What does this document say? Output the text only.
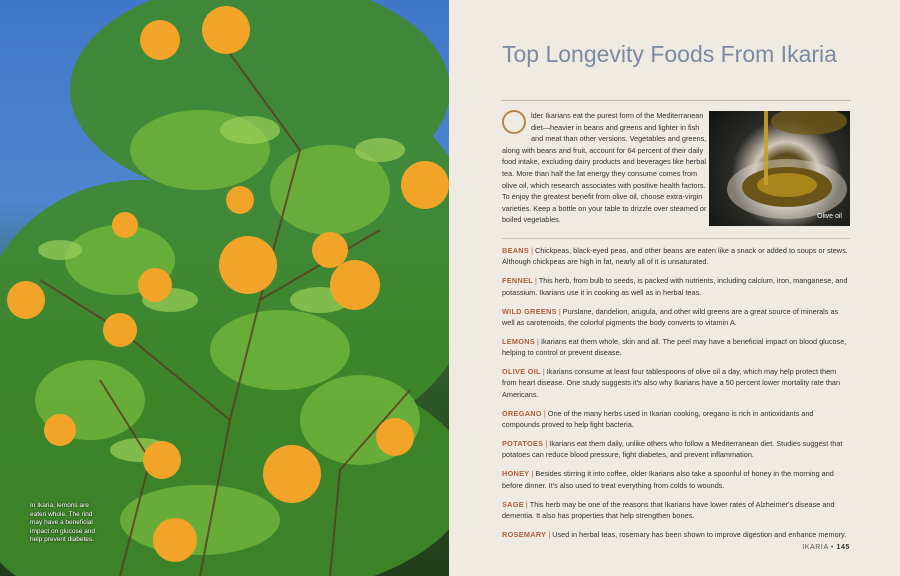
In Ikaria, lemons are eaten whole. The rind may have a beneficial impact on glucose and help prevent diabetes.
Top Longevity Foods From Ikaria
lder Ikarians eat the purest form of the Mediterranean diet—heavier in beans and greens and lighter in fish and meat than other versions. Vegetables and greens, along with beans and fruit, account for 64 percent of their daily food intake, excluding dairy products and beverages like herbal tea. More than half the fat energy they consume comes from olive oil, which research associates with positive health factors. To enjoy the greatest benefit from olive oil, choose extra-virgin varieties. Keep a bottle on your table to drizzle over steamed or boiled vegetables.	Olive oil

BEANS | Chickpeas, black-eyed peas, and other beans are eaten like a snack or added to soups or stews. Although chickpeas are high in fat, nearly all of it is unsaturated.

FENNEL | This herb, from bulb to seeds, is packed with nutrients, including calcium, iron, manganese, and potassium. Ikarians use it in cooking as well as in herbal teas.

WILD GREENS | Purslane, dandelion, arugula, and other wild greens are a great source of minerals as well as carotenoids, the colorful pigments the body converts to vitamin A.

LEMONS | Ikarians eat them whole, skin and all. The peel may have a beneficial impact on blood glucose, helping to control or prevent disease.

OLIVE OIL | Ikarians consume at least four tablespoons of olive oil a day, which may help protect them from heart disease. One study suggests it's also why Ikarians have a 50 percent lower mortality rate than Americans.

OREGANO | One of the many herbs used in Ikarian cooking, oregano is rich in antioxidants and compounds proved to help fight bacteria.

POTATOES | Ikarians eat them daily, unlike others who follow a Mediterranean diet. Studies suggest that potatoes can reduce blood pressure, fight diabetes, and prevent inflammation.

HONEY | Besides stirring it into coffee, older Ikarians also take a spoonful of honey in the morning and before dinner. It's also used to treat everything from colds to wounds.

SAGE | This herb may be one of the reasons that Ikarians have lower rates of Alzheimer's disease and dementia. It also has properties that help strengthen bones.

ROSEMARY | Used in herbal teas, rosemary has been shown to improve digestion and enhance memory.

IKARIA • 145
